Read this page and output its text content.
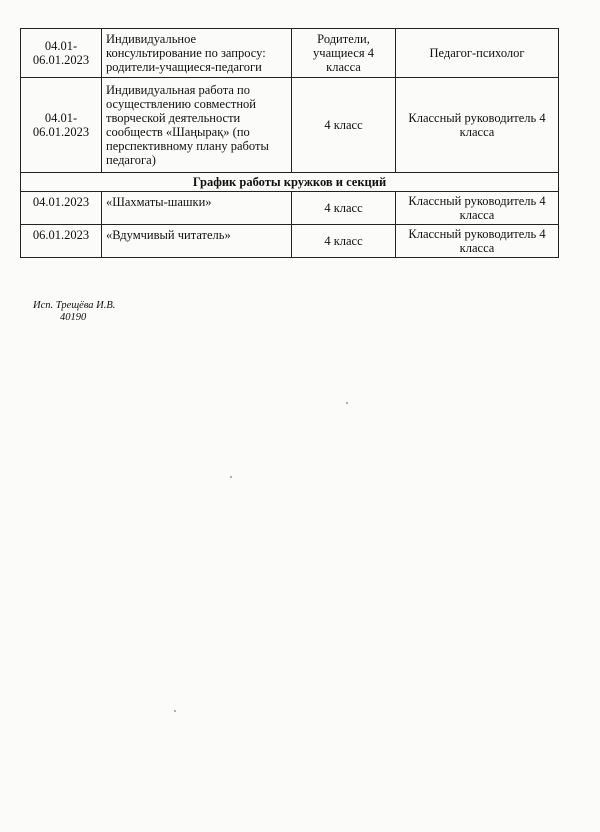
04.01-06.01.2023	Индивидуальное консультирование по запросу: родители-учащиеся-педагоги	Родители, учащиеся 4 класса	Педагог-психолог
04.01-06.01.2023	Индивидуальная работа по осуществлению совместной творческой деятельности сообществ «Шаңырақ» (по перспективному плану работы педагога)	4 класс	Классный руководитель 4 класса
График работы кружков и секций			
04.01.2023	«Шахматы-шашки»	4 класс	Классный руководитель 4 класса
06.01.2023	«Вдумчивый читатель»	4 класс	Классный руководитель 4 класса
Исп. Трещёва И.В.
40190
